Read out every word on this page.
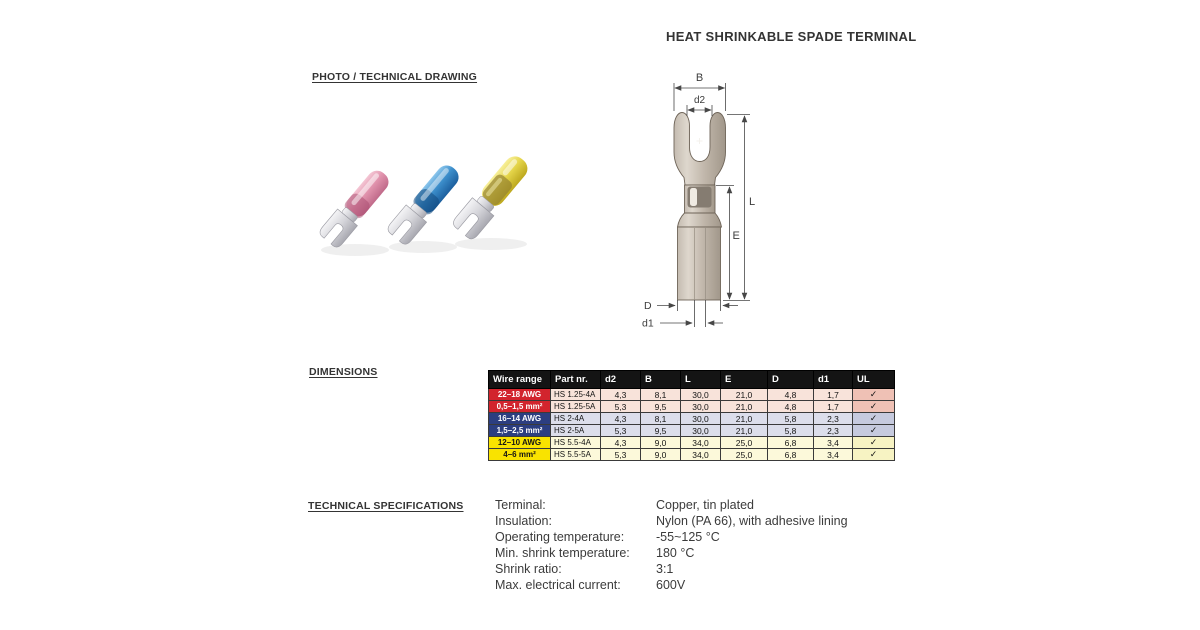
HEAT SHRINKABLE SPADE TERMINAL
PHOTO / TECHNICAL DRAWING	B
d2
L
E
D
d1
DIMENSIONS
Wire range	Part nr.	d2	B	L	E	D	d1	UL
22–18 AWG	HS 1.25-4A	4,3	8,1	30,0	21,0	4,8	1,7	✓
0,5–1,5 mm²	HS 1.25-5A	5,3	9,5	30,0	21,0	4,8	1,7	✓
16–14 AWG	HS 2-4A	4,3	8,1	30,0	21,0	5,8	2,3	✓
1,5–2,5 mm²	HS 2-5A	5,3	9,5	30,0	21,0	5,8	2,3	✓
12–10 AWG	HS 5.5-4A	4,3	9,0	34,0	25,0	6,8	3,4	✓
4–6 mm²	HS 5.5-5A	5,3	9,0	34,0	25,0	6,8	3,4	✓
TECHNICAL SPECIFICATIONS	Terminal:	Copper, tin plated
Insulation:	Nylon (PA 66), with adhesive lining
Operating temperature:	-55~125 °C
Min. shrink temperature: 180 °C
Shrink ratio:	3:1
Max. electrical current:	600V
